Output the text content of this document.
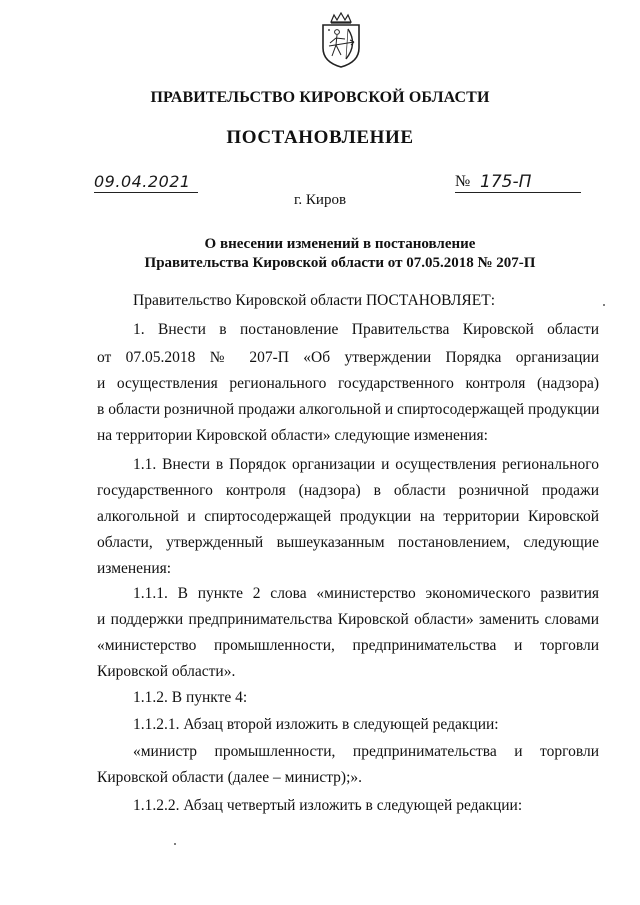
ПРАВИТЕЛЬСТВО КИРОВСКОЙ ОБЛАСТИ
ПОСТАНОВЛЕНИЕ
09.04.2021	№ 175-П
г. Киров
О внесении изменений в постановление
Правительства Кировской области от 07.05.2018 № 207-П
Правительство Кировской области ПОСТАНОВЛЯЕТ:
1. Внести в постановление Правительства Кировской области
от 07.05.2018 № 207-П «Об утверждении Порядка организации
и осуществления регионального государственного контроля (надзора)
в области розничной продажи алкогольной и спиртосодержащей продукции
на территории Кировской области» следующие изменения:
1.1. Внести в Порядок организации и осуществления регионального
государственного контроля (надзора) в области розничной продажи
алкогольной и спиртосодержащей продукции на территории Кировской
области, утвержденный вышеуказанным постановлением, следующие
изменения:
1.1.1. В пункте 2 слова «министерство экономического развития
и поддержки предпринимательства Кировской области» заменить словами
«министерство промышленности, предпринимательства и торговли
Кировской области».
1.1.2. В пункте 4:
1.1.2.1. Абзац второй изложить в следующей редакции:
«министр промышленности, предпринимательства и торговли
Кировской области (далее – министр);».
1.1.2.2. Абзац четвертый изложить в следующей редакции:
